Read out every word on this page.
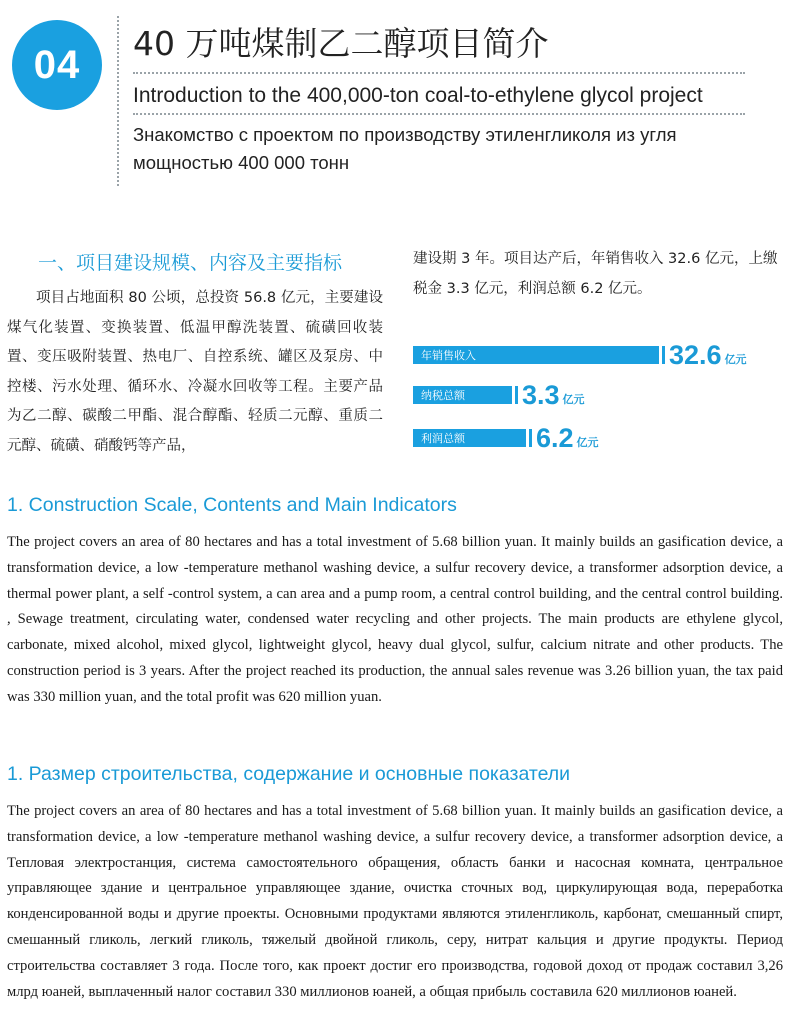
04	40 万吨煤制乙二醇项目简介
Introduction to the 400,000-ton coal-to-ethylene glycol project
Знакомство с проектом по производству этиленгликоля из угля мощностью 400 000 тонн
一、项目建设规模、内容及主要指标
项目占地面积 80 公顷，总投资 56.8 亿元，主要建设煤气化装置、变换装置、低温甲醇洗装置、硫磺回收装置、变压吸附装置、热电厂、自控系统、罐区及泵房、中控楼、污水处理、循环水、冷凝水回收等工程。主要产品为乙二醇、碳酸二甲酯、混合醇酯、轻质二元醇、重质二元醇、硫磺、硝酸钙等产品，
建设期 3 年。项目达产后，年销售收入 32.6 亿元，上缴税金 3.3 亿元，利润总额 6.2 亿元。
年销售收入	32.6 亿元
纳税总额 3.3 亿元
利润总额	6.2 亿元
1. Construction Scale, Contents and Main Indicators
The project covers an area of 80 hectares and has a total investment of 5.68 billion yuan. It mainly builds an gasification device, a transformation device, a low -temperature methanol washing device, a sulfur recovery device, a transformer adsorption device, a thermal power plant, a self -control system, a can area and a pump room, a central control building, and the central control building. , Sewage treatment, circulating water, condensed water recycling and other projects. The main products are ethylene glycol, carbonate, mixed alcohol, mixed glycol, lightweight glycol, heavy dual glycol, sulfur, calcium nitrate and other products. The construction period is 3 years. After the project reached its production, the annual sales revenue was 3.26 billion yuan, the tax paid was 330 million yuan, and the total profit was 620 million yuan.
1. Размер строительства, содержание и основные показатели
The project covers an area of 80 hectares and has a total investment of 5.68 billion yuan. It mainly builds an gasification device, a transformation device, a low -temperature methanol washing device, a sulfur recovery device, a transformer adsorption device, a Тепловая электростанция, система самостоятельного обращения, область банки и насосная комната, центральное управляющее здание и центральное управляющее здание, очистка сточных вод, циркулирующая вода, переработка конденсированной воды и другие проекты. Основными продуктами являются этиленгликоль, карбонат, смешанный спирт, смешанный гликоль, легкий гликоль, тяжелый двойной гликоль, серу, нитрат кальция и другие продукты. Период строительства составляет 3 года. После того, как проект достиг его производства, годовой доход от продаж составил 3,26 млрд юаней, выплаченный налог составил 330 миллионов юаней, а общая прибыль составила 620 миллионов юаней.
